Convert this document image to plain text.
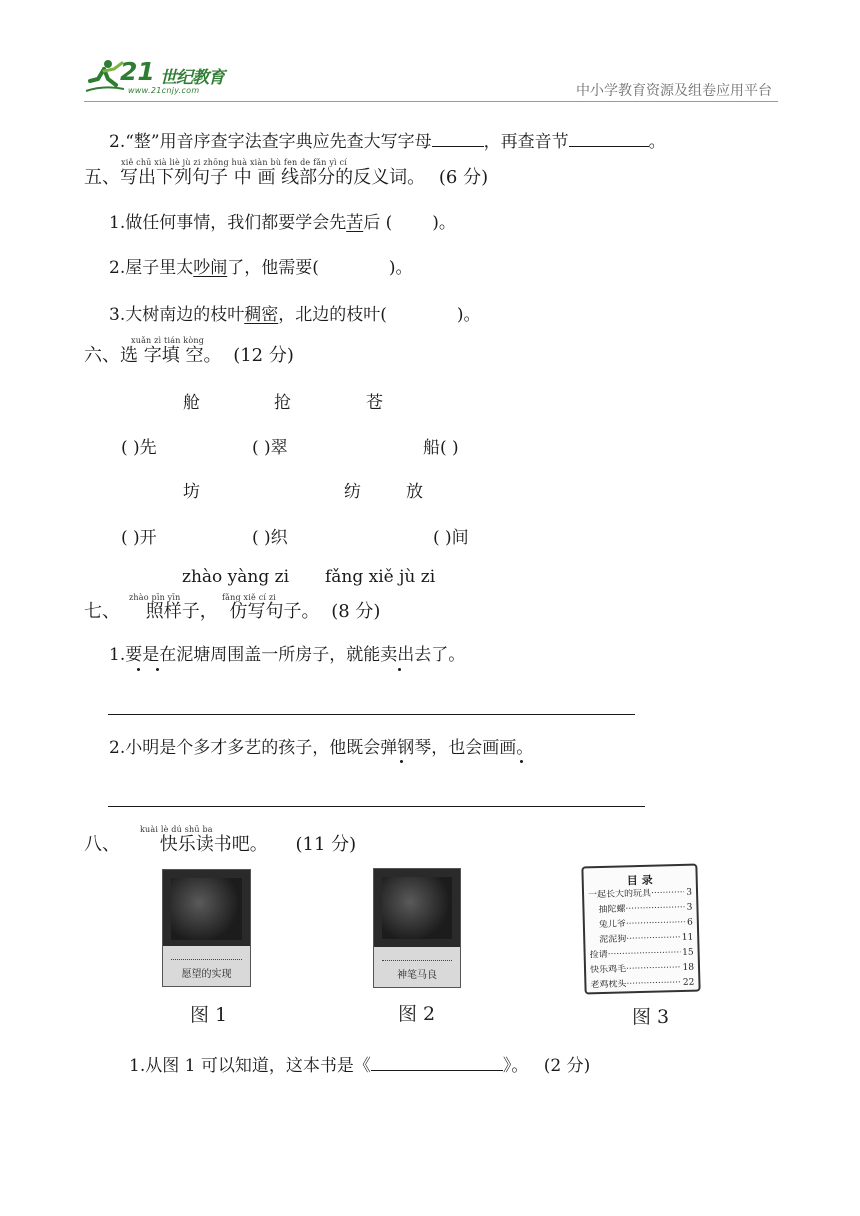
21 世纪教育
www.21cnjy.com	中小学教育资源及组卷应用平台
2.“整”用音序查字法查字典应先查大写字母	，再查音节	。
xiě chū xià liè jù zi zhōng huà xiàn bù fen de fǎn yì cí
五、写出下列句子 中 画 线部分的反义词。 (6 分)
1.做任何事情，我们都要学会先苦后 ( )。
2.屋子里太吵闹了，他需要(	)。
3.大树南边的枝叶稠密，北边的枝叶(	)。
xuǎn zì tián kòng
六、选 字填 空。 (12 分)
舱	抢	苍
( )先	( )翠	船( )
坊	纺	放
( )开	( )织	( )间
zhào yàng zi fǎng xiě jù zi
zhào pīn yīn	fǎng xiě cí zi
七、 照样子， 仿写句子。 (8 分)
1.要是在泥塘周围盖一所房子，就能卖出去了。
2.小明是个多才多艺的孩子，他既会弹钢琴，也会画画。
kuài lè dú shū ba
八、 快乐读书吧。 (11 分)
愿望的实现	神笔马良
目 录
一起长大的玩具 ·····	3
抽陀螺 ·····	3
兔儿爷 ·····	6
泥泥狗 ·····	11
捡请 ·····	15
快乐鸡毛 ·····	18
老鸡枕头 ·····	22
图 1	图 2	图 3
1.从图 1 可以知道，这本书是《	》。 (2 分)
